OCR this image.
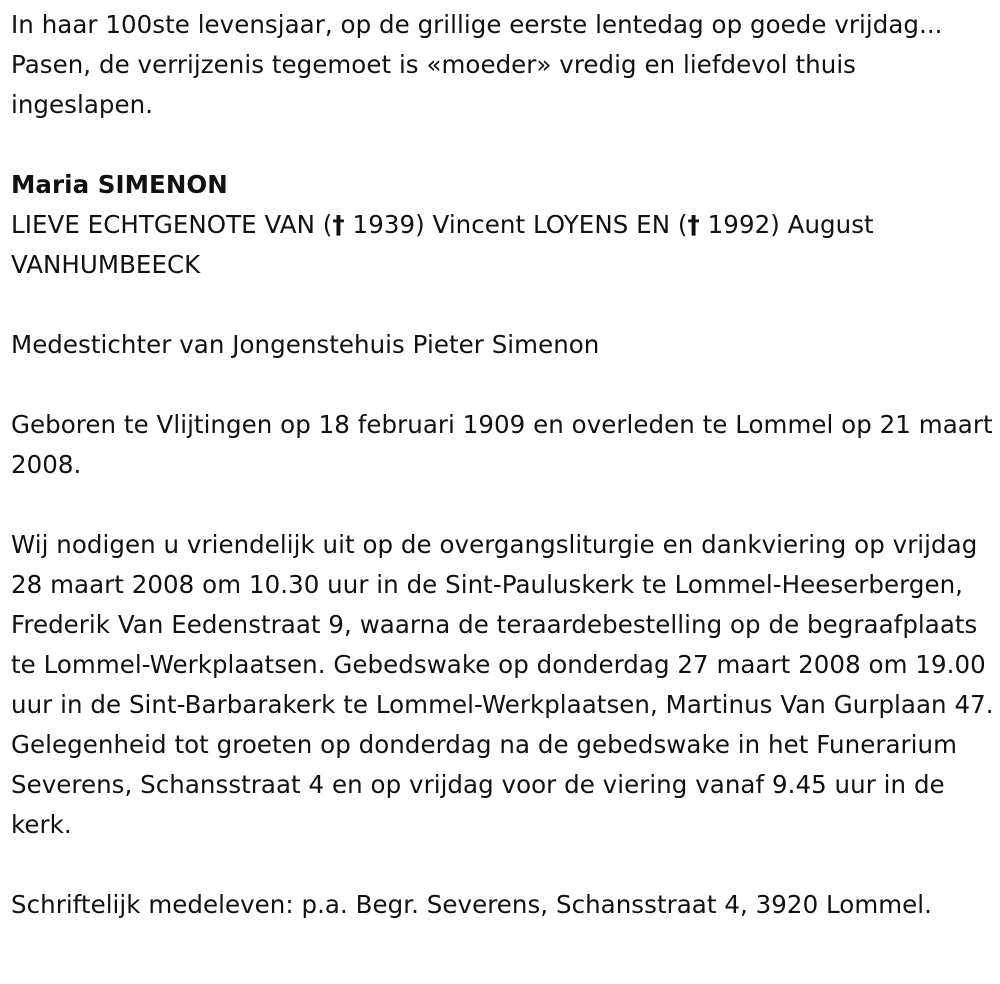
In haar 100ste levensjaar, op de grillige eerste lentedag op goede vrijdag... Pasen, de verrijzenis tegemoet is «moeder» vredig en liefdevol thuis ingeslapen.

Maria SIMENON

LIEVE ECHTGENOTE VAN († 1939) Vincent LOYENS EN († 1992) August VANHUMBEECK

Medestichter van Jongenstehuis Pieter Simenon

Geboren te Vlijtingen op 18 februari 1909 en overleden te Lommel op 21 maart 2008.

Wij nodigen u vriendelijk uit op de overgangsliturgie en dankviering op vrijdag 28 maart 2008 om 10.30 uur in de Sint-Pauluskerk te Lommel-Heeserbergen, Frederik Van Eedenstraat 9, waarna de teraardebestelling op de begraafplaats te Lommel-Werkplaatsen. Gebedswake op donderdag 27 maart 2008 om 19.00 uur in de Sint-Barbarakerk te Lommel-Werkplaatsen, Martinus Van Gurplaan 47. Gelegenheid tot groeten op donderdag na de gebedswake in het Funerarium Severens, Schansstraat 4 en op vrijdag voor de viering vanaf 9.45 uur in de kerk.

Schriftelijk medeleven: p.a. Begr. Severens, Schansstraat 4, 3920 Lommel.
